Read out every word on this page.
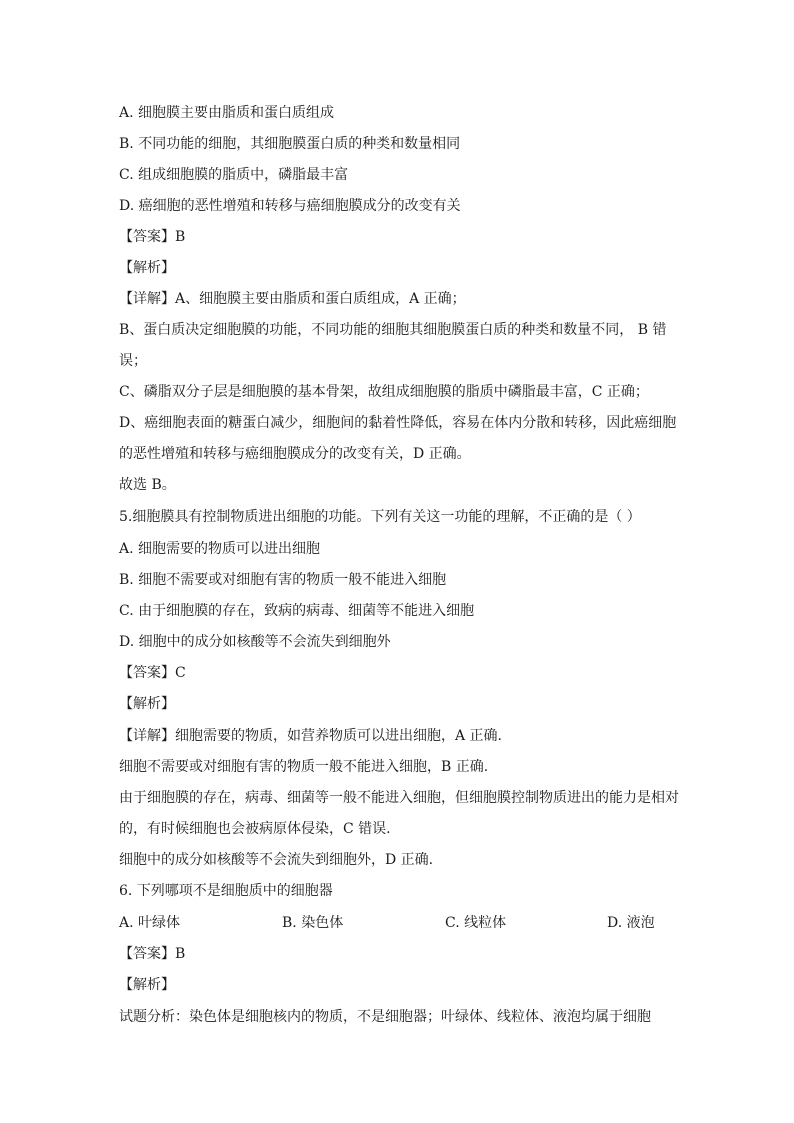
A. 细胞膜主要由脂质和蛋白质组成
B. 不同功能的细胞，其细胞膜蛋白质的种类和数量相同
C. 组成细胞膜的脂质中，磷脂最丰富
D. 癌细胞的恶性增殖和转移与癌细胞膜成分的改变有关
【答案】B
【解析】
【详解】A、细胞膜主要由脂质和蛋白质组成，A 正确；
B、蛋白质决定细胞膜的功能，不同功能的细胞其细胞膜蛋白质的种类和数量不同， B 错
误；
C、磷脂双分子层是细胞膜的基本骨架，故组成细胞膜的脂质中磷脂最丰富，C 正确；
D、癌细胞表面的糖蛋白减少，细胞间的黏着性降低，容易在体内分散和转移，因此癌细胞
的恶性增殖和转移与癌细胞膜成分的改变有关，D 正确。
故选 B。
5.细胞膜具有控制物质进出细胞的功能。下列有关这一功能的理解，不正确的是（ ）
A. 细胞需要的物质可以进出细胞
B. 细胞不需要或对细胞有害的物质一般不能进入细胞
C. 由于细胞膜的存在，致病的病毒、细菌等不能进入细胞
D. 细胞中的成分如核酸等不会流失到细胞外
【答案】C
【解析】
【详解】细胞需要的物质，如营养物质可以进出细胞，A 正确.
细胞不需要或对细胞有害的物质一般不能进入细胞，B 正确.
由于细胞膜的存在，病毒、细菌等一般不能进入细胞，但细胞膜控制物质进出的能力是相对
的，有时候细胞也会被病原体侵染，C 错误.
细胞中的成分如核酸等不会流失到细胞外，D 正确.
6. 下列哪项不是细胞质中的细胞器
A. 叶绿体	B. 染色体	C. 线粒体	D. 液泡
【答案】B
【解析】
试题分析：染色体是细胞核内的物质，不是细胞器；叶绿体、线粒体、液泡均属于细胞
